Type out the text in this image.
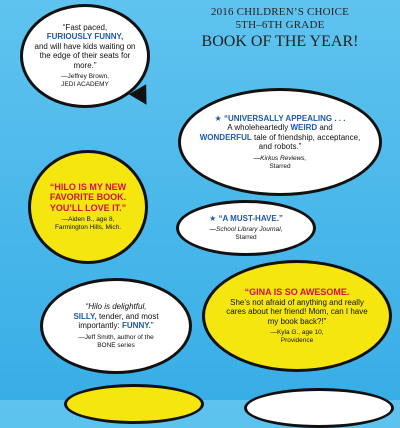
2016 CHILDREN’S CHOICE
5TH–6TH GRADE
BOOK OF THE YEAR!
“Fast paced,
FURIOUSLY FUNNY,
and will have kids waiting on the edge of their seats for more.”
—Jeffrey Brown,
JEDI ACADEMY
★ “UNIVERSALLY APPEALING . . .
A wholeheartedly WEIRD and
WONDERFUL tale of friendship, acceptance, and robots.”
—Kirkus Reviews,
Starred
“HILO IS MY NEW FAVORITE BOOK. YOU’LL LOVE IT.”
—Aiden B., age 8,
Farmington Hills, Mich.
★ “A MUST-HAVE.”
—School Library Journal,
Starred
“Hilo is delightful,
SILLY, tender, and most importantly: FUNNY.”
—Jeff Smith, author of the
BONE series
“GINA IS SO AWESOME.
She’s not afraid of anything and really cares about her friend! Mom, can I have my book back?!”
—Kyla G., age 10,
Providence
